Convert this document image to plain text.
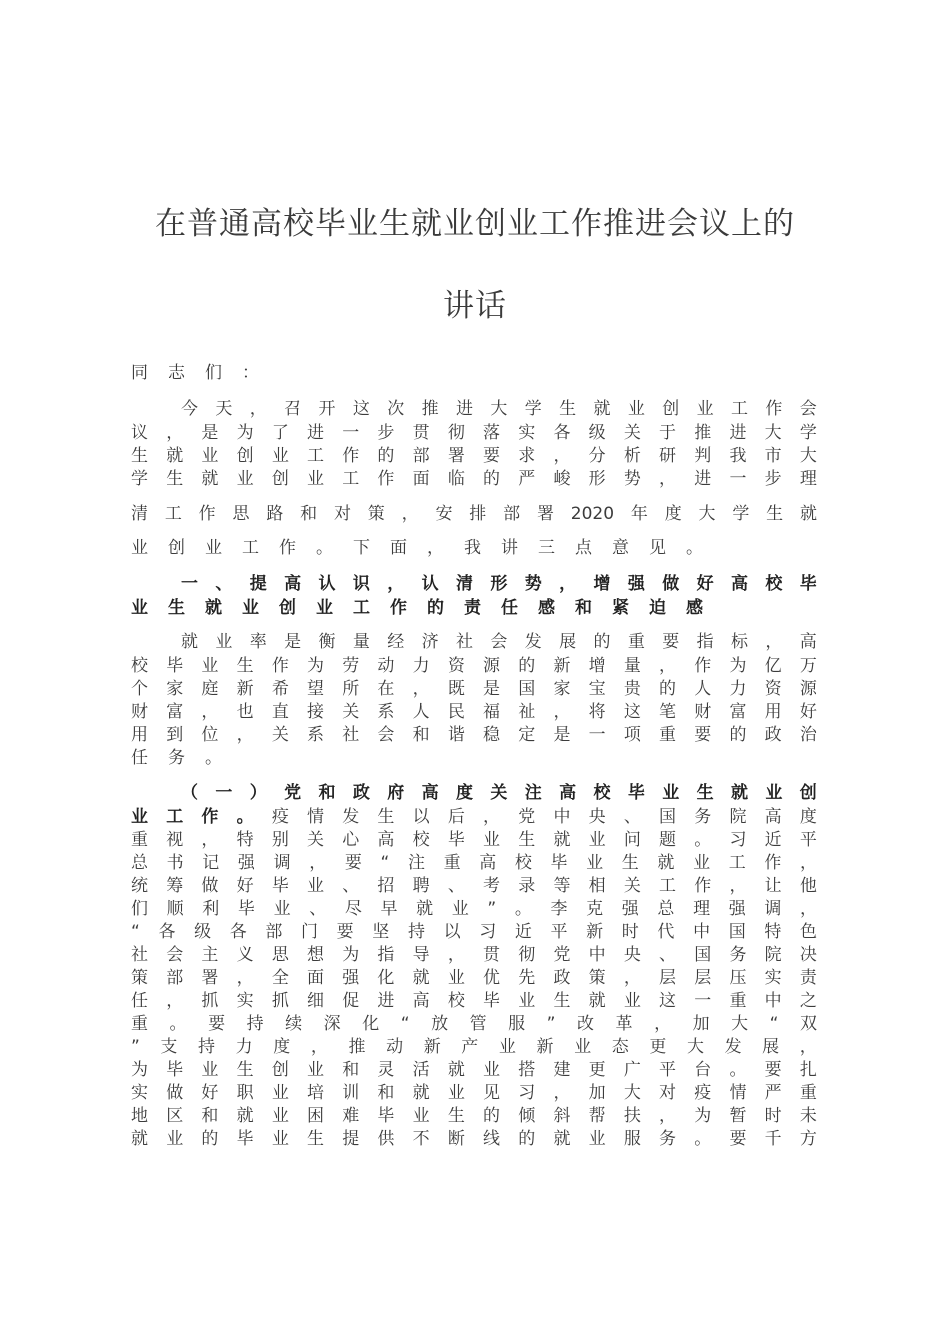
在普通高校毕业生就业创业工作推进会议上的
讲话
同 志 们 ：
今 天 ， 召 开 这 次 推 进 大 学 生 就 业 创 业 工 作 会
议 ， 是 为 了 进 一 步 贯 彻 落 实 各 级 关 于 推 进 大 学
生 就 业 创 业 工 作 的 部 署 要 求 ， 分 析 研 判 我 市 大
学 生 就 业 创 业 工 作 面 临 的 严 峻 形 势 ， 进 一 步 理
清 工 作 思 路 和 对 策 ， 安 排 部 署 2020 年 度 大 学 生 就
业 创 业 工 作 。 下 面 ， 我 讲 三 点 意 见 。
一 、 提 高 认 识 ， 认 清 形 势 ， 增 强 做 好 高 校 毕
业 生 就 业 创 业 工 作 的 责 任 感 和 紧 迫 感
就 业 率 是 衡 量 经 济 社 会 发 展 的 重 要 指 标 ， 高
校 毕 业 生 作 为 劳 动 力 资 源 的 新 增 量 ， 作 为 亿 万
个 家 庭 新 希 望 所 在 ， 既 是 国 家 宝 贵 的 人 力 资 源
财 富 ， 也 直 接 关 系 人 民 福 祉 ， 将 这 笔 财 富 用 好
用 到 位 ， 关 系 社 会 和 谐 稳 定 是 一 项 重 要 的 政 治
任 务 。
（ 一 ） 党 和 政 府 高 度 关 注 高 校 毕 业 生 就 业 创
业 工 作 。 疫 情 发 生 以 后 ， 党 中 央 、 国 务 院 高 度
重 视 ， 特 别 关 心 高 校 毕 业 生 就 业 问 题 。 习 近 平
总 书 记 强 调 ， 要 “ 注 重 高 校 毕 业 生 就 业 工 作 ，
统 筹 做 好 毕 业 、 招 聘 、 考 录 等 相 关 工 作 ， 让 他
们 顺 利 毕 业 、 尽 早 就 业 ” 。 李 克 强 总 理 强 调 ，
“ 各 级 各 部 门 要 坚 持 以 习 近 平 新 时 代 中 国 特 色
社 会 主 义 思 想 为 指 导 ， 贯 彻 党 中 央 、 国 务 院 决
策 部 署 ， 全 面 强 化 就 业 优 先 政 策 ， 层 层 压 实 责
任 ， 抓 实 抓 细 促 进 高 校 毕 业 生 就 业 这 一 重 中 之
重 。 要 持 续 深 化 “ 放 管 服 ” 改 革 ， 加 大 “ 双
” 支 持 力 度 ， 推 动 新 产 业 新 业 态 更 大 发 展 ，
为 毕 业 生 创 业 和 灵 活 就 业 搭 建 更 广 平 台 。 要 扎
实 做 好 职 业 培 训 和 就 业 见 习 ， 加 大 对 疫 情 严 重
地 区 和 就 业 困 难 毕 业 生 的 倾 斜 帮 扶 ， 为 暂 时 未
就 业 的 毕 业 生 提 供 不 断 线 的 就 业 服 务 。 要 千 方
